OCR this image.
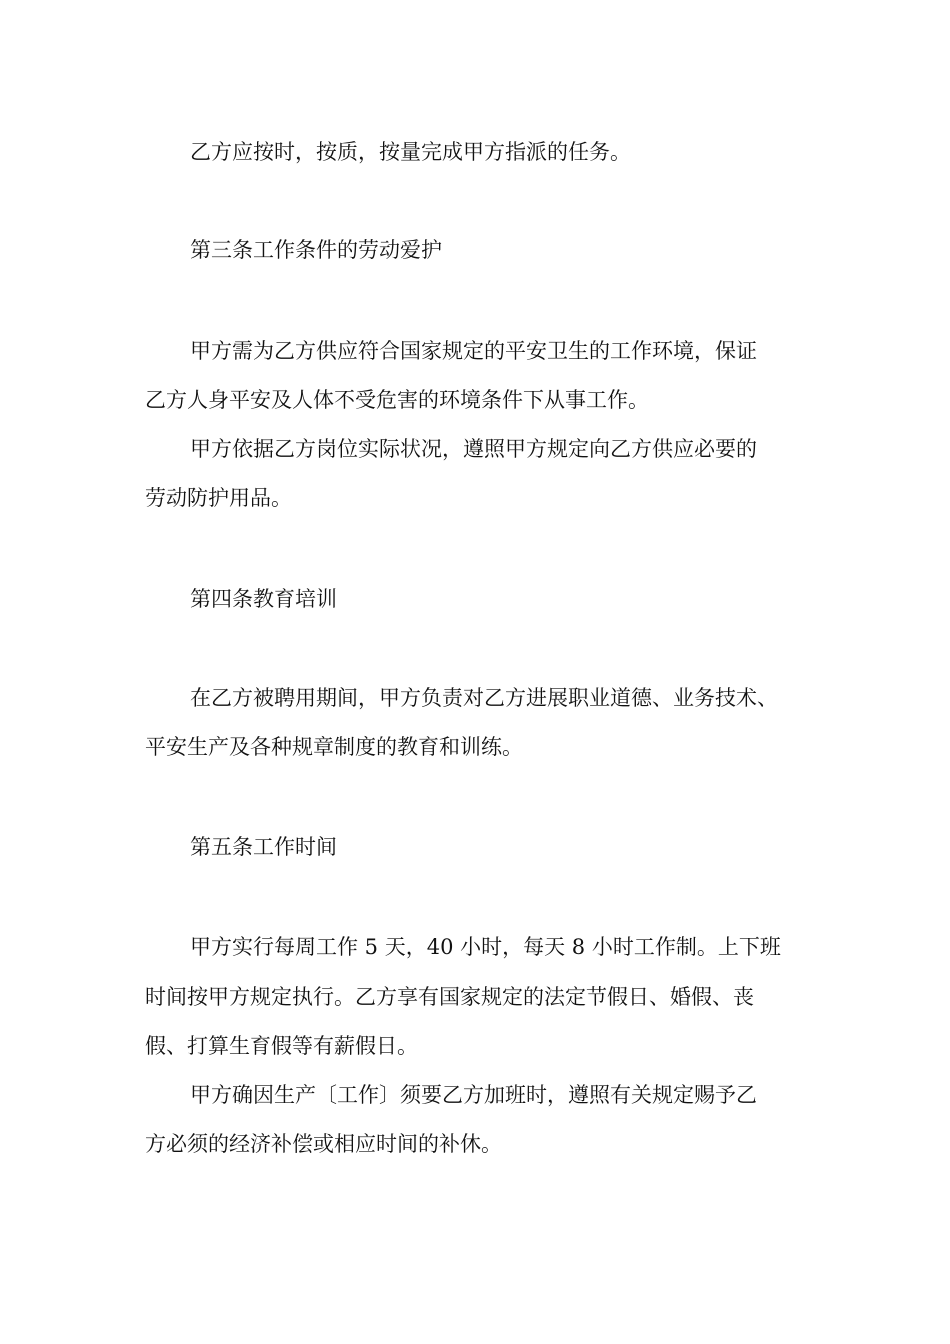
乙方应按时，按质，按量完成甲方指派的任务。
第三条工作条件的劳动爱护
甲方需为乙方供应符合国家规定的平安卫生的工作环境，保证
乙方人身平安及人体不受危害的环境条件下从事工作。
甲方依据乙方岗位实际状况，遵照甲方规定向乙方供应必要的
劳动防护用品。
第四条教育培训
在乙方被聘用期间，甲方负责对乙方进展职业道德、业务技术、
平安生产及各种规章制度的教育和训练。
第五条工作时间
甲方实行每周工作 5 天，40 小时，每天 8 小时工作制。上下班
时间按甲方规定执行。乙方享有国家规定的法定节假日、婚假、丧
假、打算生育假等有薪假日。
甲方确因生产〔工作〕须要乙方加班时，遵照有关规定赐予乙
方必须的经济补偿或相应时间的补休。
